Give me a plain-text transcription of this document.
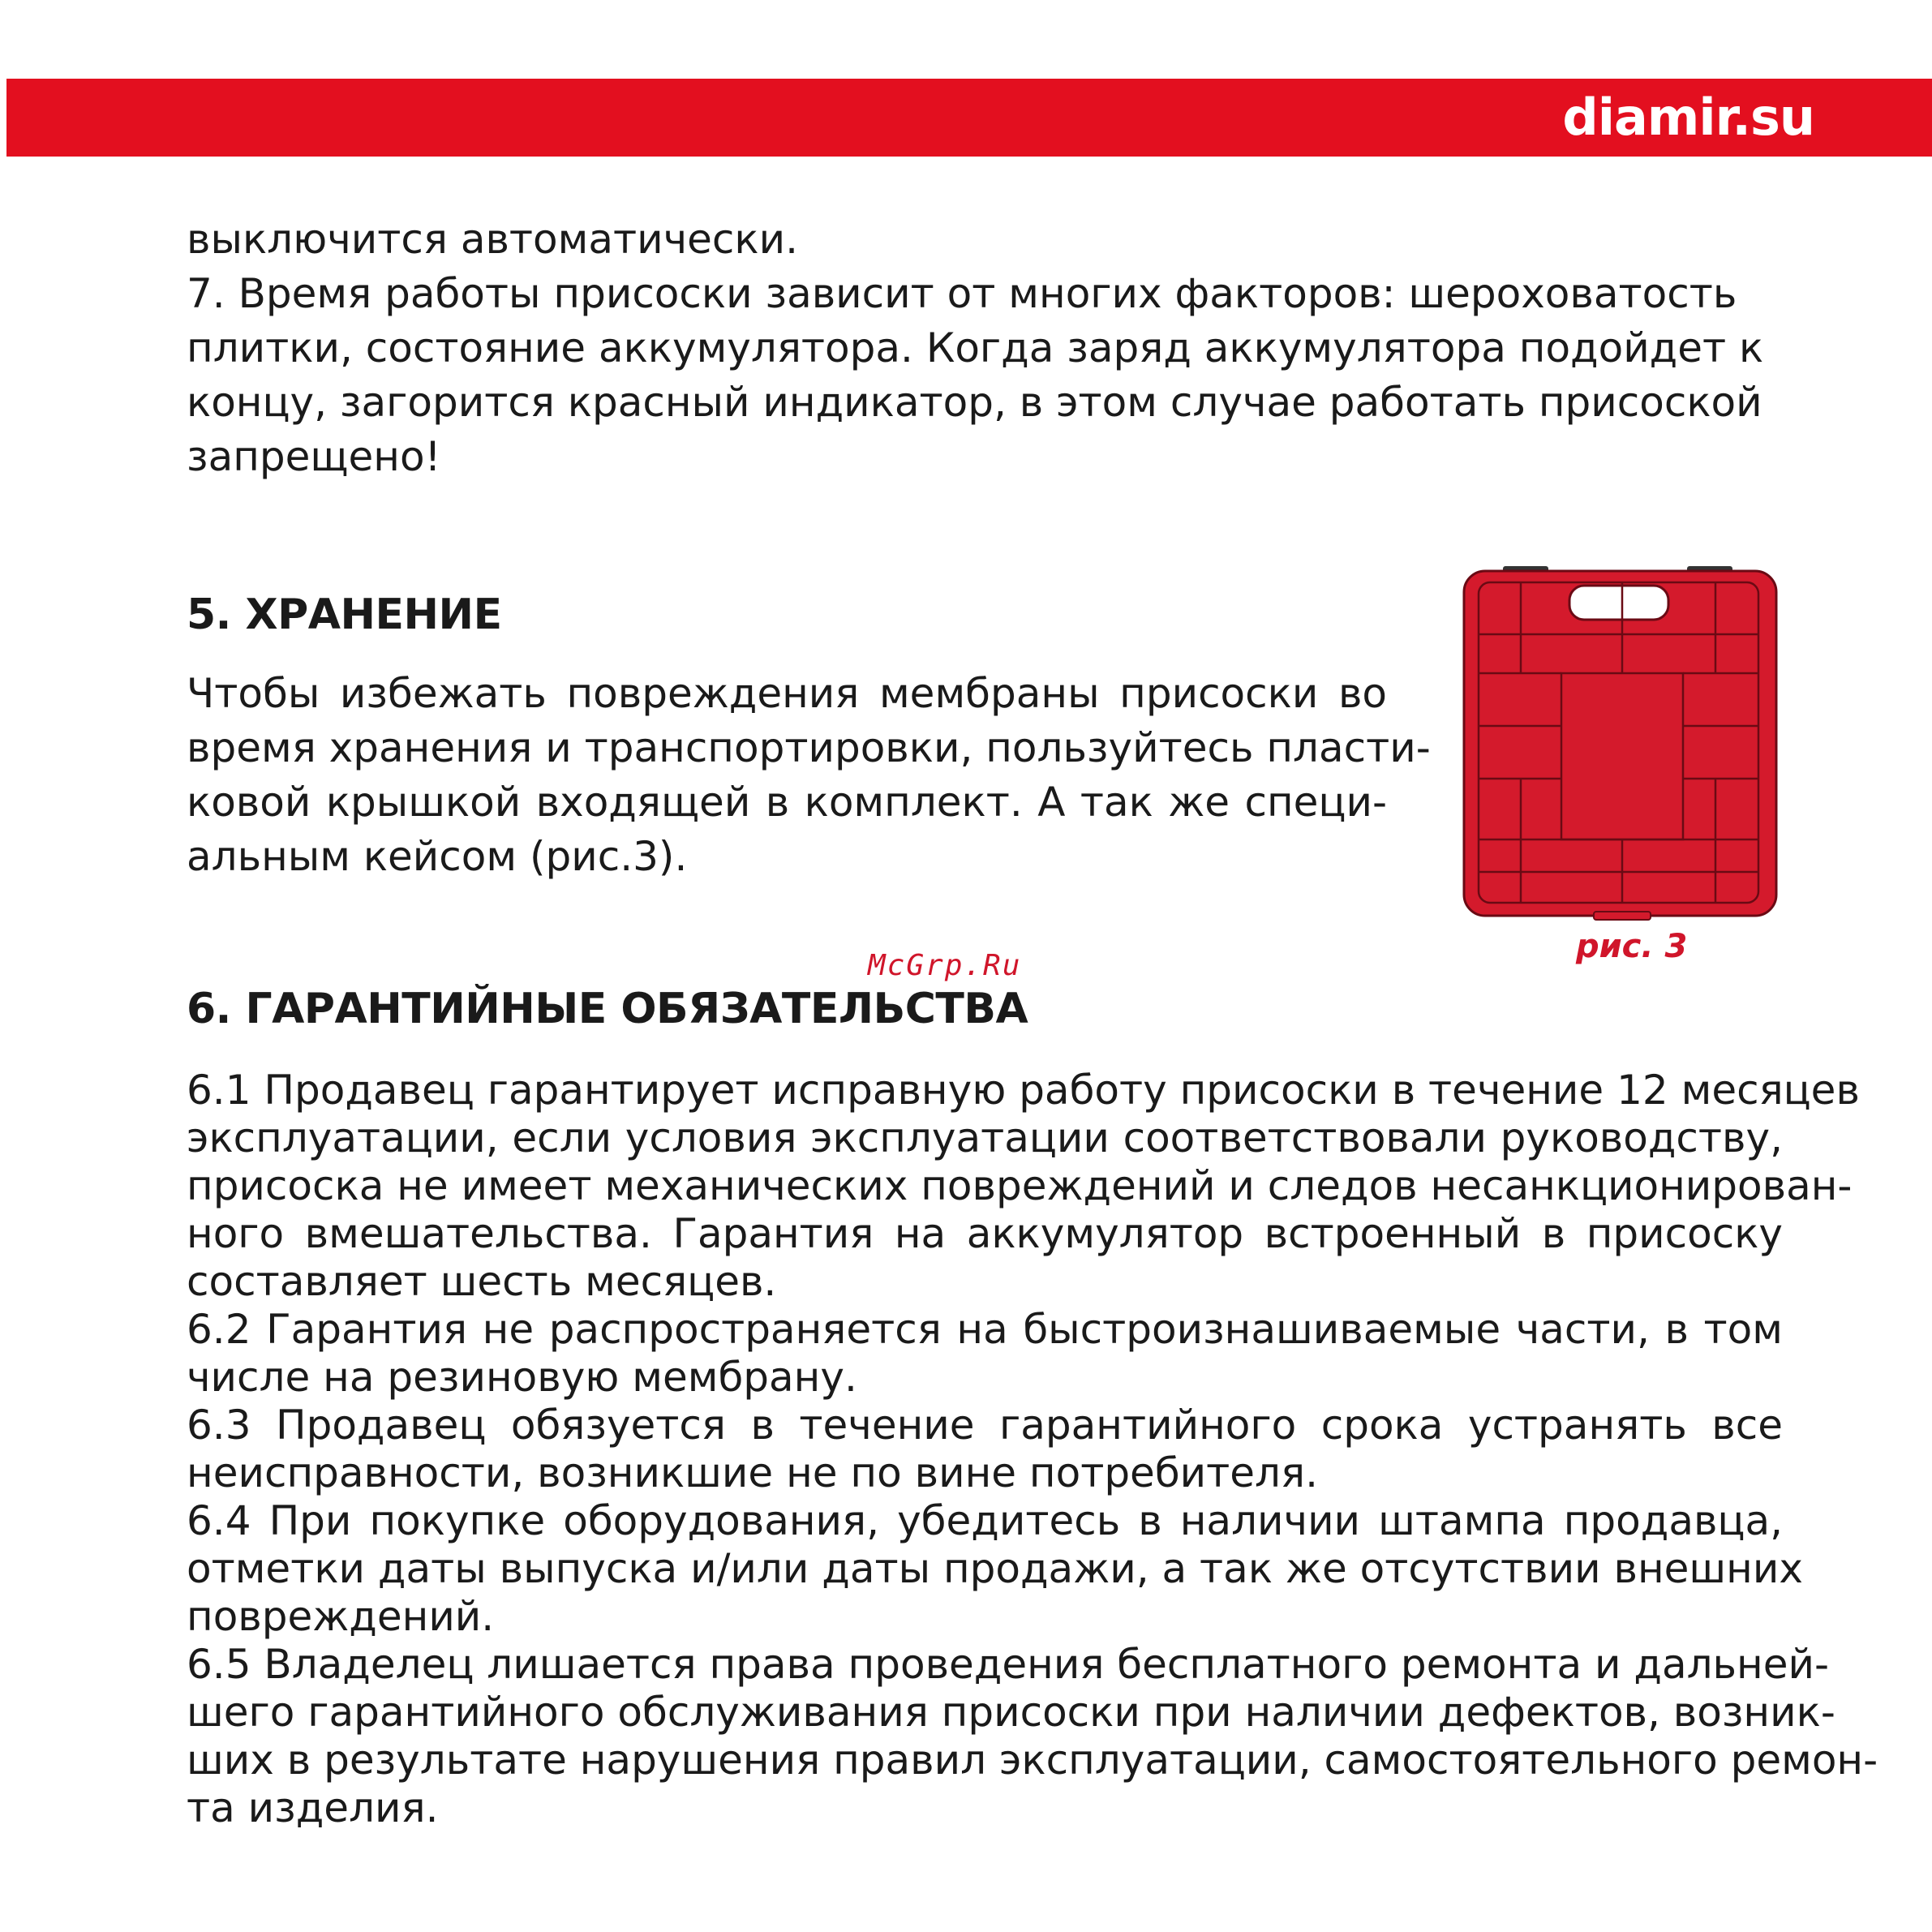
diamir.su

выключится автоматически.
7. Время работы присоски зависит от многих факторов: шероховатость
плитки, состояние аккумулятора. Когда заряд аккумулятора подойдет к
концу, загорится красный индикатор, в этом случае работать присоской
запрещено!

5. ХРАНЕНИЕ

Чтобы избежать повреждения мембраны присоски во
время хранения и транспортировки, пользуйтесь пласти-
ковой крышкой входящей в комплект. А так же специ-
альным кейсом (рис.3).

рис. 3
McGrp.Ru
6. ГАРАНТИЙНЫЕ ОБЯЗАТЕЛЬСТВА

6.1 Продавец гарантирует исправную работу присоски в течение 12 месяцев
эксплуатации, если условия эксплуатации соответствовали руководству,
присоска не имеет механических повреждений и следов несанкционирован-
ного вмешательства. Гарантия на аккумулятор встроенный в присоску
составляет шесть месяцев.
6.2 Гарантия не распространяется на быстроизнашиваемые части, в том
числе на резиновую мембрану.
6.3 Продавец обязуется в течение гарантийного срока устранять все
неисправности, возникшие не по вине потребителя.
6.4 При покупке оборудования, убедитесь в наличии штампа продавца,
отметки даты выпуска и/или даты продажи, а так же отсутствии внешних
повреждений.
6.5 Владелец лишается права проведения бесплатного ремонта и дальней-
шего гарантийного обслуживания присоски при наличии дефектов, возник-
ших в результате нарушения правил эксплуатации, самостоятельного ремон-
та изделия.
